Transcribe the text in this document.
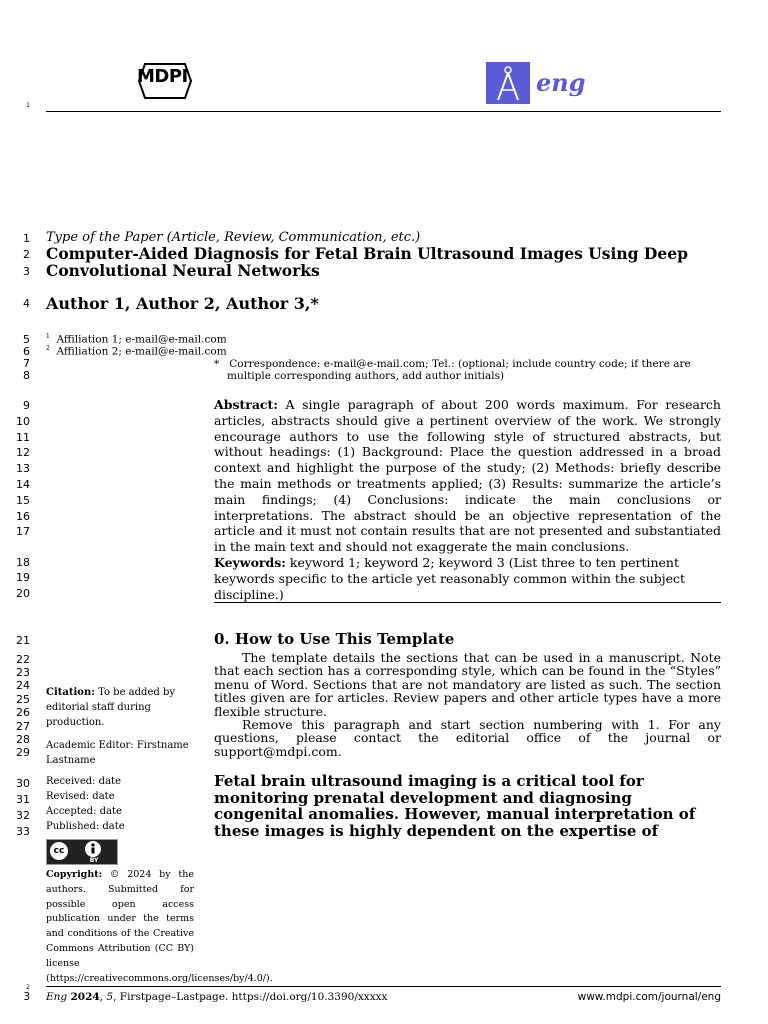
MDPI	eng
1
1
2
3
4
5
6
7
8
9
10
11
12
13
14
15
16
17
18
19
20
21
22
23
24
25
26
27
28
29
30
31
32
33
Type of the Paper (Article, Review, Communication, etc.)
Computer-Aided Diagnosis for Fetal Brain Ultrasound Images Using Deep
Convolutional Neural Networks
Author 1, Author 2, Author 3,*
$^1$ Affiliation 1; e-mail@e-mail.com
$^2$ Affiliation 2; e-mail@e-mail.com
* Correspondence: e-mail@e-mail.com; Tel.: (optional; include country code; if there are
multiple corresponding authors, add author initials)
Abstract: A single paragraph of about 200 words maximum. For research articles, abstracts should give a pertinent overview of the work. We strongly encourage authors to use the following style of structured abstracts, but without headings: (1) Background: Place the question addressed in a broad context and highlight the purpose of the study; (2) Methods: briefly describe the main methods or treatments applied; (3) Results: summarize the article’s main findings; (4) Conclusions: indicate the main conclusions or interpretations. The abstract should be an objective representation of the article and it must not contain results that are not presented and substantiated in the main text and should not exaggerate the main conclusions.
Keywords: keyword 1; keyword 2; keyword 3 (List three to ten pertinent keywords specific to the article yet reasonably common within the subject discipline.)
0. How to Use This Template

The template details the sections that can be used in a manuscript. Note that each section has a corresponding style, which can be found in the “Styles” menu of Word. Sections that are not mandatory are listed as such. The section titles given are for articles. Review papers and other article types have a more flexible structure.

Remove this paragraph and start section numbering with 1. For any questions, please contact the editorial office of the journal or support@mdpi.com.

Fetal brain ultrasound imaging is a critical tool for monitoring prenatal development and diagnosing congenital anomalies. However, manual interpretation of these images is highly dependent on the expertise of
Citation: To be added by editorial staff during production.
Academic Editor: Firstname Lastname
Received: date
Revised: date
Accepted: date
Published: date
cc
BY
Copyright: © 2024 by the authors. Submitted for possible open access publication under the terms and conditions of the Creative Commons Attribution (CC BY) license (https://creativecommons.org/licenses/by/4.0/).
2
3 Eng 2024, 5, Firstpage–Lastpage. https://doi.org/10.3390/xxxxx	www.mdpi.com/journal/eng
